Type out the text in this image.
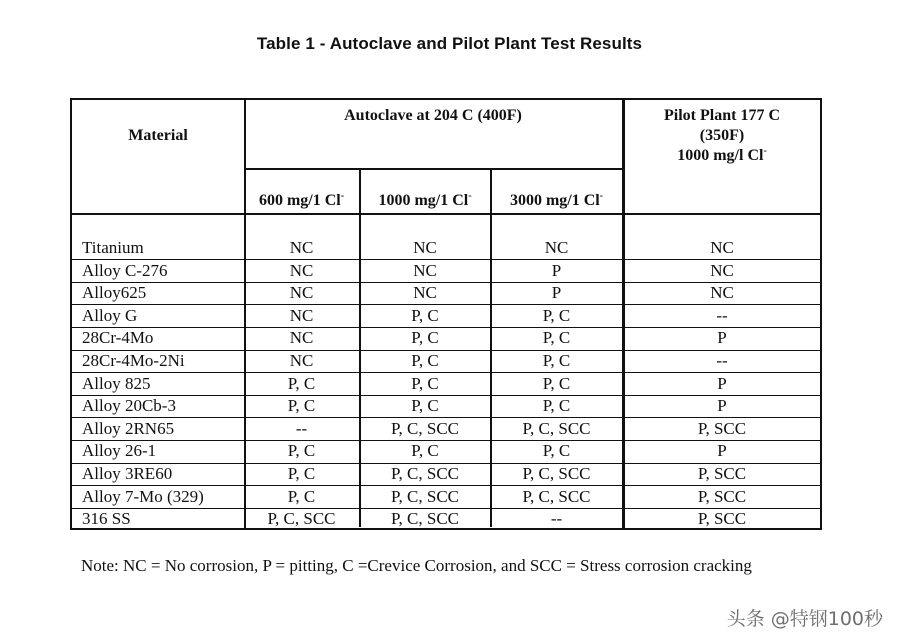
Table 1 - Autoclave and Pilot Plant Test Results
Material
Autoclave at 204 C (400F)	Pilot Plant 177 C
(350F)
1000 mg/l Cl-
600 mg/1 Cl-	1000 mg/1 Cl-	3000 mg/1 Cl-
Titanium	NC	NC	NC	NC
Alloy C-276	NC	NC	P	NC
Alloy625	NC	NC	P	NC
Alloy G	NC	P, C	P, C	--
28Cr-4Mo	NC	P, C	P, C	P
28Cr-4Mo-2Ni	NC	P, C	P, C	--
Alloy 825	P, C	P, C	P, C	P
Alloy 20Cb-3	P, C	P, C	P, C	P
Alloy 2RN65	--	P, C, SCC	P, C, SCC	P, SCC
Alloy 26-1	P, C	P, C	P, C	P
Alloy 3RE60	P, C	P, C, SCC	P, C, SCC	P, SCC
Alloy 7-Mo (329)	P, C	P, C, SCC	P, C, SCC	P, SCC
316 SS	P, C, SCC	P, C, SCC	--	P, SCC
Note: NC = No corrosion, P = pitting, C =Crevice Corrosion, and SCC = Stress corrosion cracking
头条 @特钢100秒
